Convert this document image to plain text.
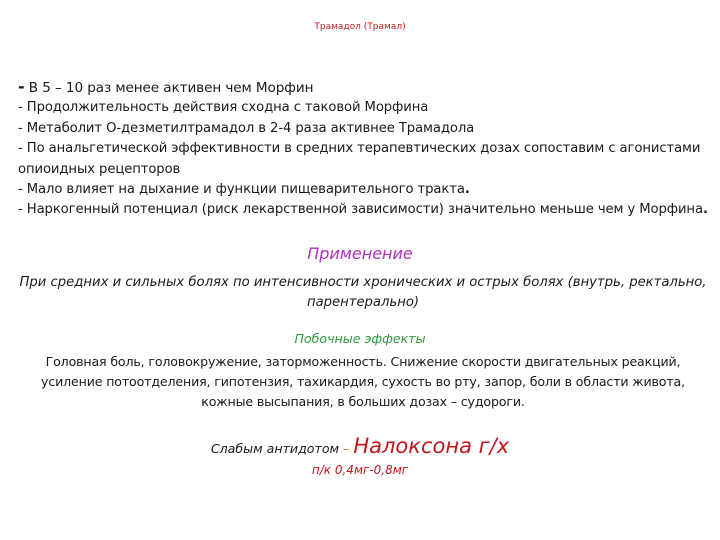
Трамадол (Трамал)
- В 5 – 10 раз менее активен чем Морфин
- Продолжительность действия сходна с таковой Морфина
- Метаболит О-дезметилтрамадол в 2-4 раза активнее Трамадола
- По анальгетической эффективности в средних терапевтических дозах сопоставим с агонистами опиоидных рецепторов
- Мало влияет на дыхание и функции пищеварительного тракта.
- Наркогенный потенциал (риск лекарственной зависимости) значительно меньше чем у Морфина.
Применение
При средних и сильных болях по интенсивности хронических и острых болях (внутрь, ректально, парентерально)
Побочные эффекты
Головная боль, головокружение, заторможенность. Снижение скорости двигательных реакций, усиление потоотделения, гипотензия, тахикардия, сухость во рту, запор, боли в области живота, кожные высыпания, в больших дозах – судороги.
Слабым антидотом – Налоксона г/х
п/к 0,4мг-0,8мг
